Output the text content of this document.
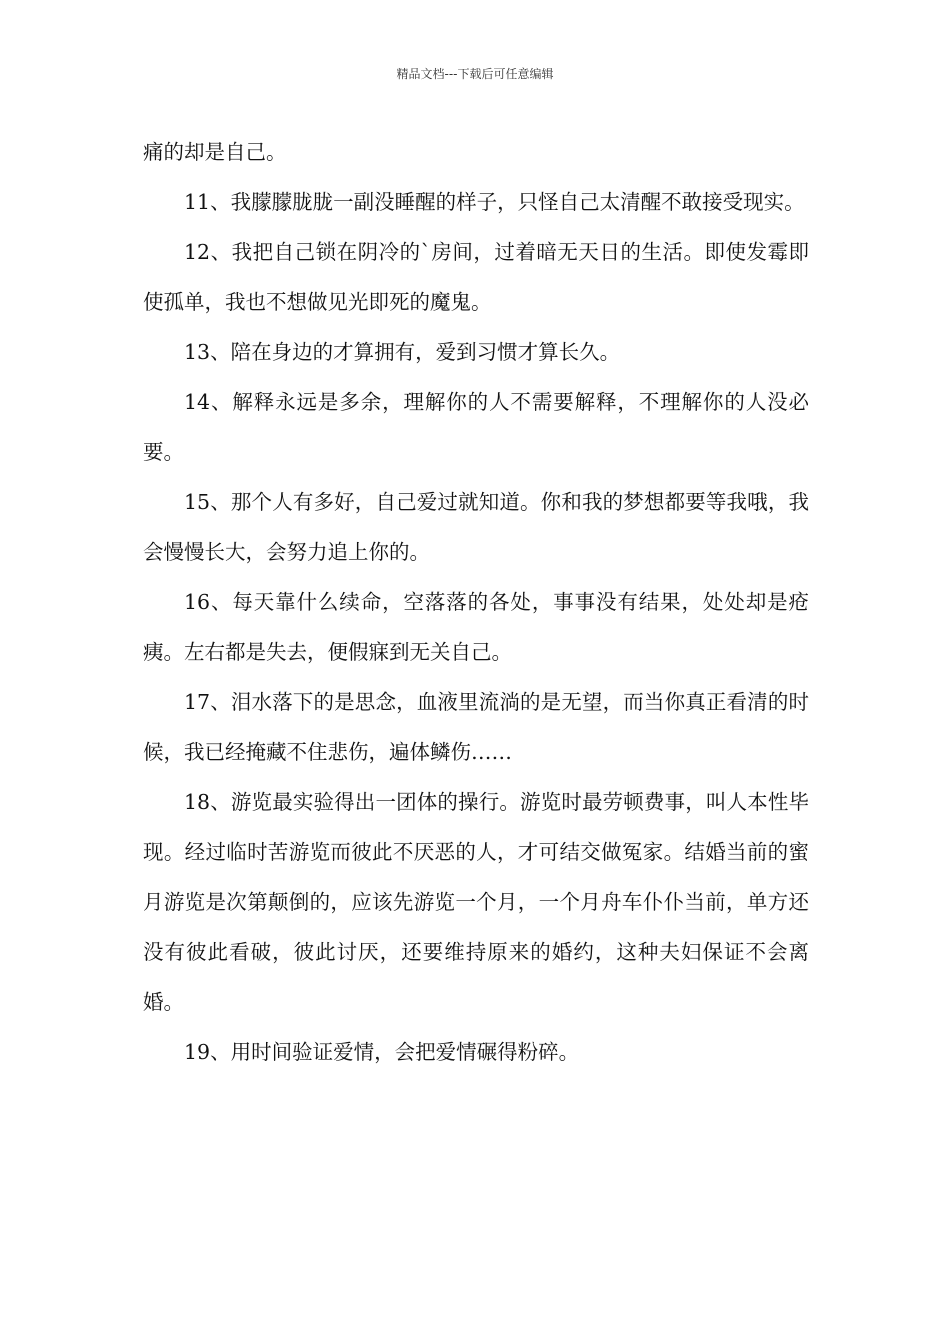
精品文档---下载后可任意编辑

痛的却是自己。

11、我朦朦胧胧一副没睡醒的样子，只怪自己太清醒不敢接受现实。

12、我把自己锁在阴冷的`房间，过着暗无天日的生活。即使发霉即使孤单，我也不想做见光即死的魔鬼。

13、陪在身边的才算拥有，爱到习惯才算长久。

14、解释永远是多余，理解你的人不需要解释，不理解你的人没必要。

15、那个人有多好，自己爱过就知道。你和我的梦想都要等我哦，我会慢慢长大，会努力追上你的。

16、每天靠什么续命，空落落的各处，事事没有结果，处处却是疮痍。左右都是失去，便假寐到无关自己。

17、泪水落下的是思念，血液里流淌的是无望，而当你真正看清的时候，我已经掩藏不住悲伤，遍体鳞伤……

18、游览最实验得出一团体的操行。游览时最劳顿费事，叫人本性毕现。经过临时苦游览而彼此不厌恶的人，才可结交做冤家。结婚当前的蜜月游览是次第颠倒的，应该先游览一个月，一个月舟车仆仆当前，单方还没有彼此看破，彼此讨厌，还要维持原来的婚约，这种夫妇保证不会离婚。

19、用时间验证爱情，会把爱情碾得粉碎。
